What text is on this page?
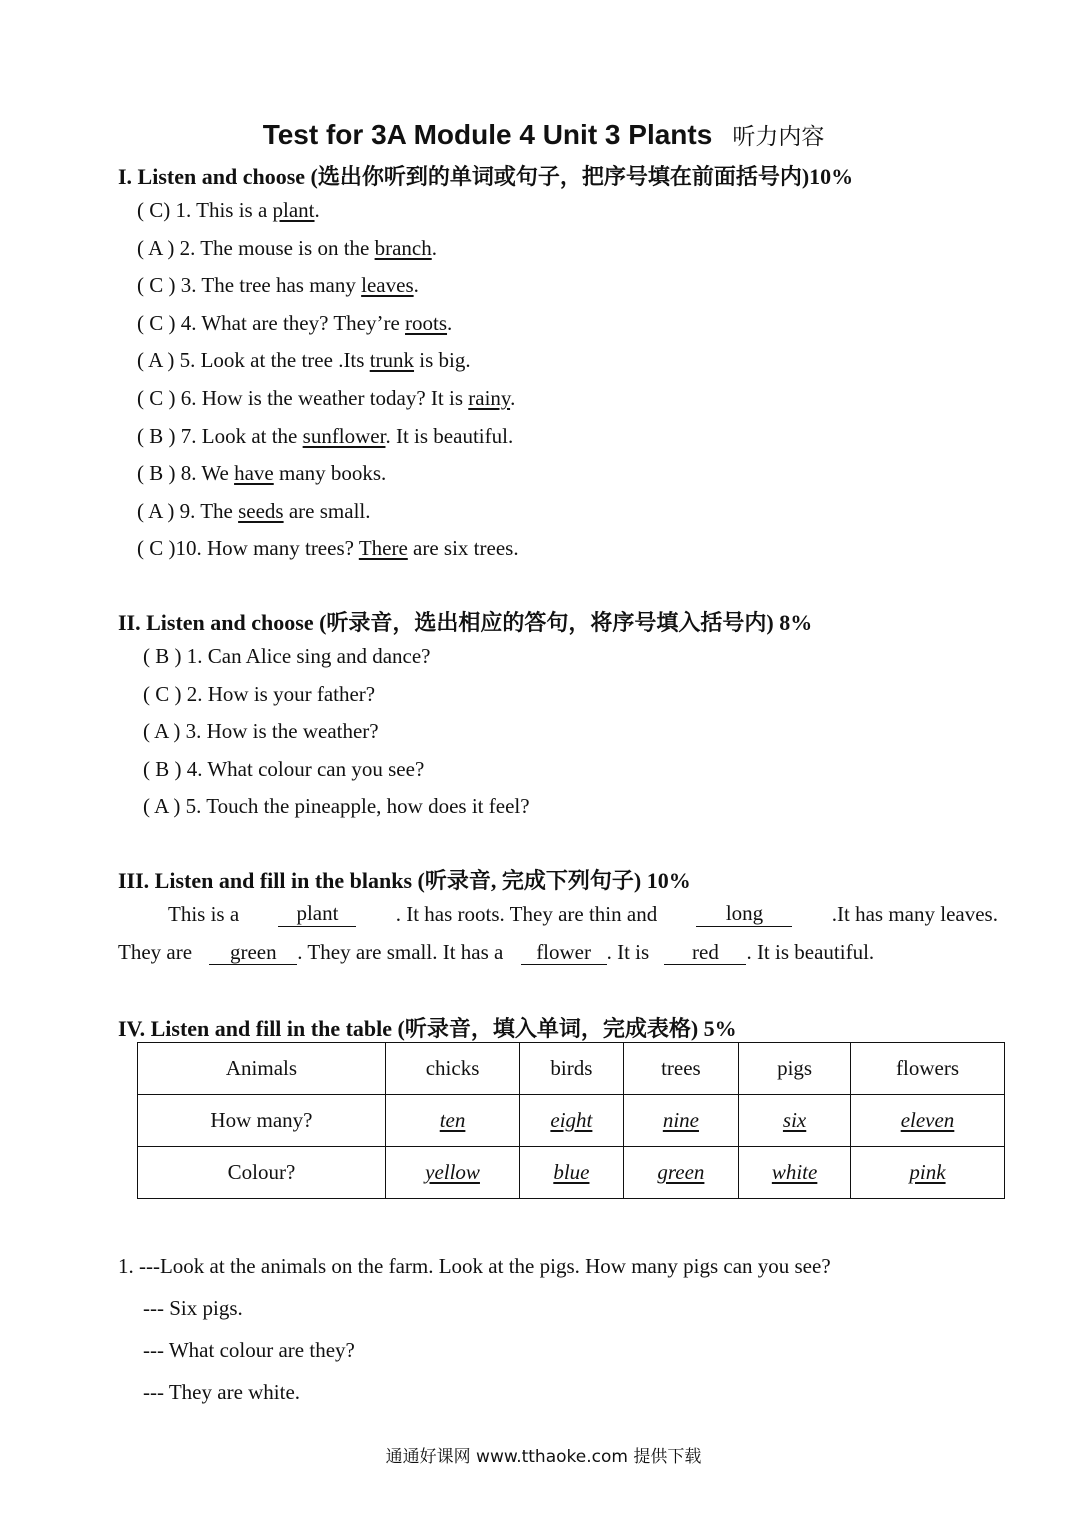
Test for 3A Module 4 Unit 3 Plants 听力内容
I. Listen and choose (选出你听到的单词或句子，把序号填在前面括号内)10%
( C) 1. This is a plant.
( A ) 2. The mouse is on the branch.
( C ) 3. The tree has many leaves.
( C ) 4. What are they? They’re roots.
( A ) 5. Look at the tree .Its trunk is big.
( C ) 6. How is the weather today? It is rainy.
( B ) 7. Look at the sunflower. It is beautiful.
( B ) 8. We have many books.
( A ) 9. The seeds are small.
( C )10. How many trees? There are six trees.
II. Listen and choose (听录音，选出相应的答句，将序号填入括号内) 8%
( B ) 1. Can Alice sing and dance?
( C ) 2. How is your father?
( A ) 3. How is the weather?
( B ) 4. What colour can you see?
( A ) 5. Touch the pineapple, how does it feel?
III. Listen and fill in the blanks (听录音, 完成下列句子) 10%
This is a	plant	. It has roots. They are thin and	long	.It has many leaves.
They are green . They are small. It has a flower . It is red . It is beautiful.
IV. Listen and fill in the table (听录音，填入单词，完成表格) 5%
Animals	chicks	birds	trees	pigs	flowers
How many?	ten	eight	nine	six	eleven
Colour?	yellow	blue	green	white	pink
1. ---Look at the animals on the farm. Look at the pigs. How many pigs can you see?
--- Six pigs.
--- What colour are they?
--- They are white.
通通好课网 www.tthaoke.com 提供下载
